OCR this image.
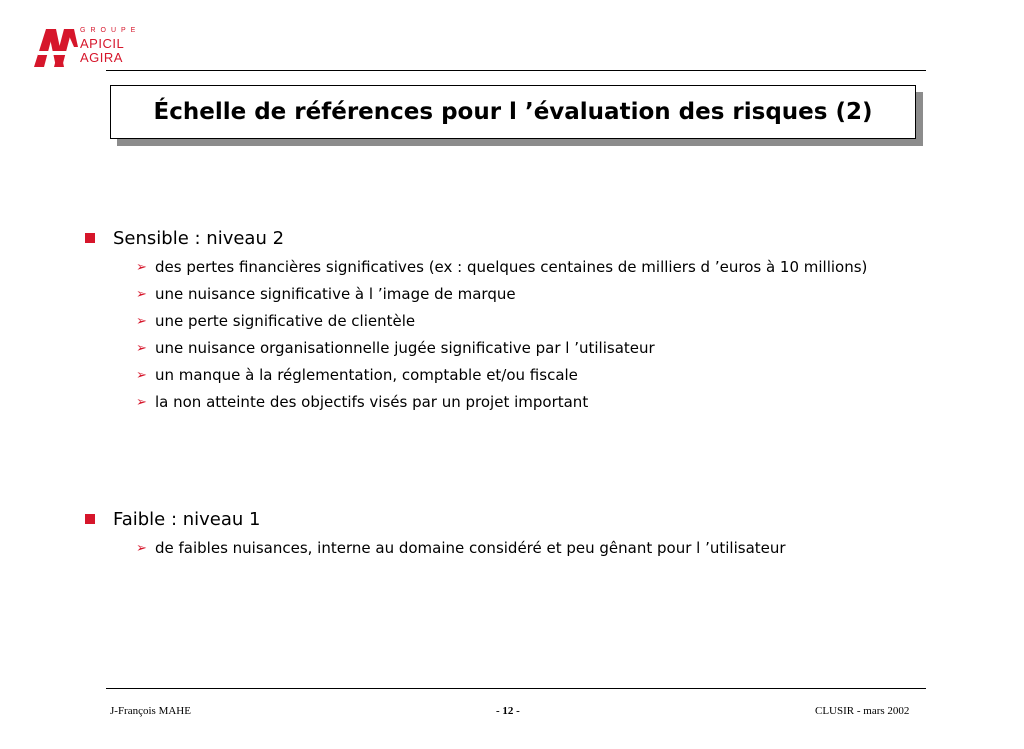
GROUPE
APICIL
AGIRA
Échelle de références pour l ’évaluation des risques (2)
Sensible : niveau 2
➢ des pertes financières significatives (ex : quelques centaines de milliers d ’euros à 10 millions)
➢ une nuisance significative à l ’image de marque
➢ une perte significative de clientèle
➢ une nuisance organisationnelle jugée significative par l ’utilisateur
➢ un manque à la réglementation, comptable et/ou fiscale
➢ la non atteinte des objectifs visés par un projet important
Faible : niveau 1
➢ de faibles nuisances, interne au domaine considéré et peu gênant pour l ’utilisateur
J-François MAHE	- 12 -	CLUSIR - mars 2002
